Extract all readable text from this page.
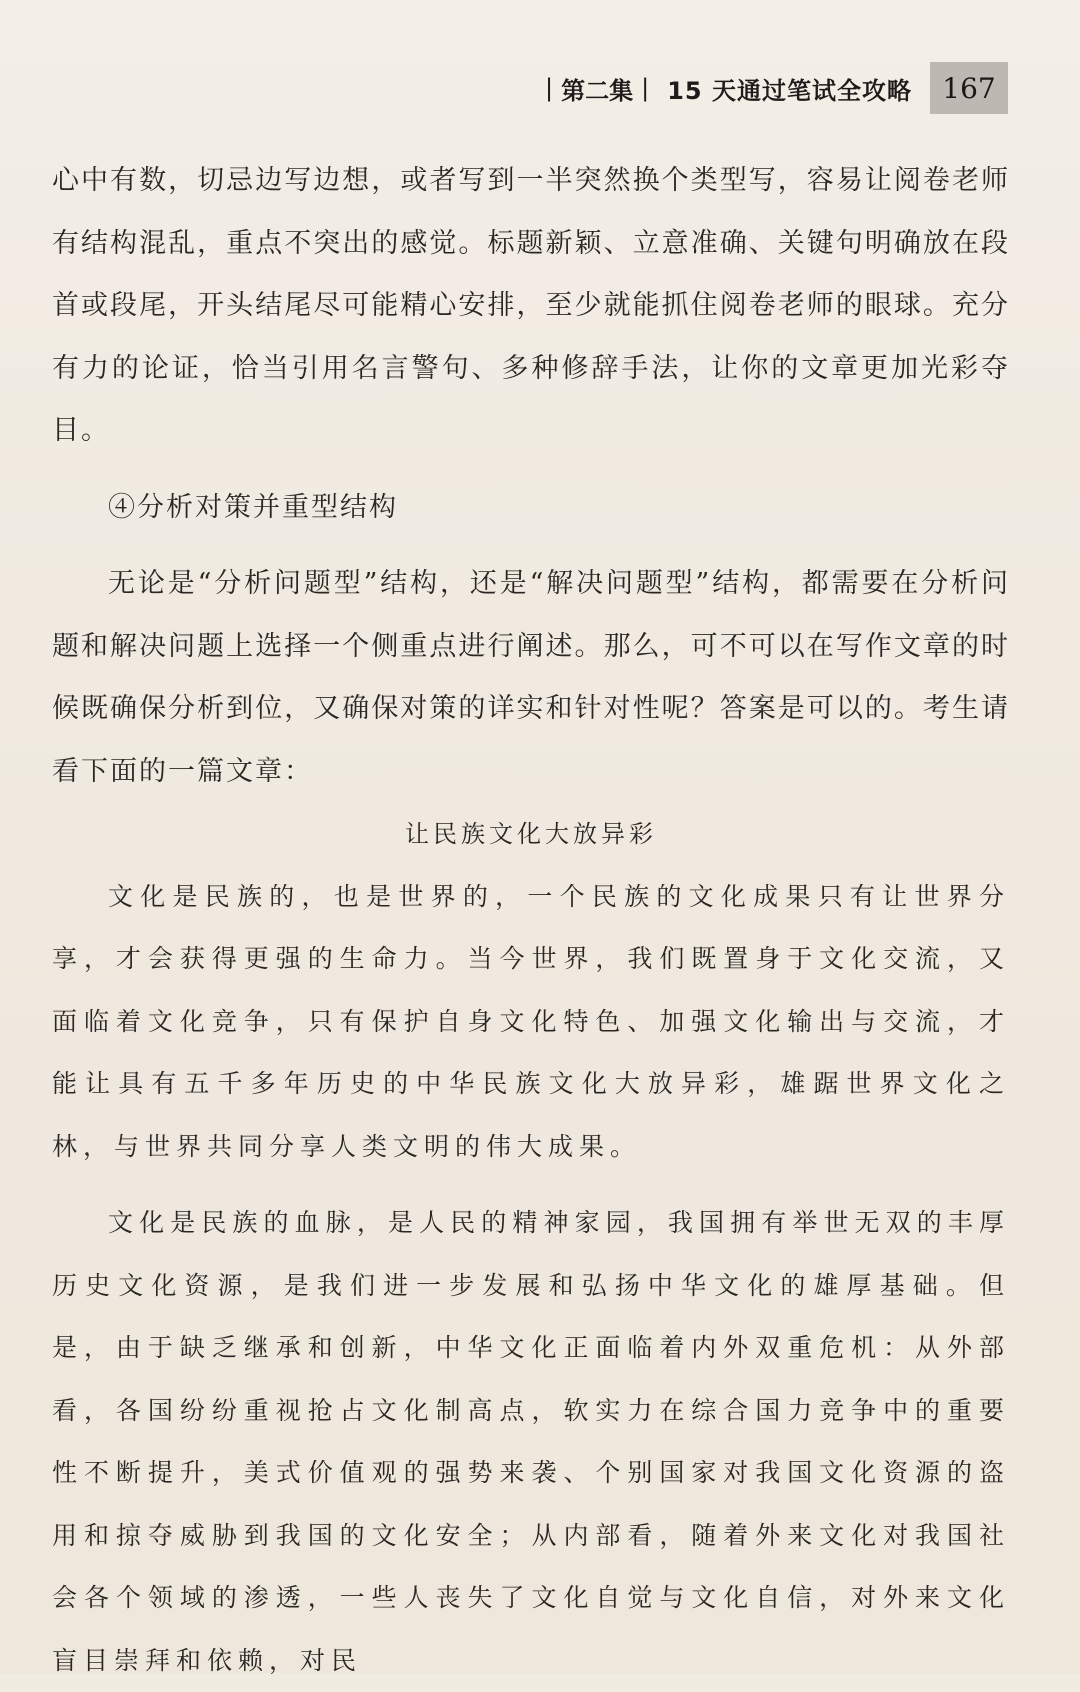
| 第二集 | 15 天通过笔试全攻略	167

心中有数，切忌边写边想，或者写到一半突然换个类型写，容易让阅卷老师有结构混乱，重点不突出的感觉。标题新颖、立意准确、关键句明确放在段首或段尾，开头结尾尽可能精心安排，至少就能抓住阅卷老师的眼球。充分有力的论证，恰当引用名言警句、多种修辞手法，让你的文章更加光彩夺目。

④分析对策并重型结构

无论是“分析问题型”结构，还是“解决问题型”结构，都需要在分析问题和解决问题上选择一个侧重点进行阐述。那么，可不可以在写作文章的时候既确保分析到位，又确保对策的详实和针对性呢？答案是可以的。考生请看下面的一篇文章：

让民族文化大放异彩

文化是民族的，也是世界的，一个民族的文化成果只有让世界分享，才会获得更强的生命力。当今世界，我们既置身于文化交流，又面临着文化竞争，只有保护自身文化特色、加强文化输出与交流，才能让具有五千多年历史的中华民族文化大放异彩，雄踞世界文化之林，与世界共同分享人类文明的伟大成果。

文化是民族的血脉，是人民的精神家园，我国拥有举世无双的丰厚历史文化资源，是我们进一步发展和弘扬中华文化的雄厚基础。但是，由于缺乏继承和创新，中华文化正面临着内外双重危机：从外部看，各国纷纷重视抢占文化制高点，软实力在综合国力竞争中的重要性不断提升，美式价值观的强势来袭、个别国家对我国文化资源的盗用和掠夺威胁到我国的文化安全；从内部看，随着外来文化对我国社会各个领域的渗透，一些人丧失了文化自觉与文化自信，对外来文化盲目崇拜和依赖，对民
